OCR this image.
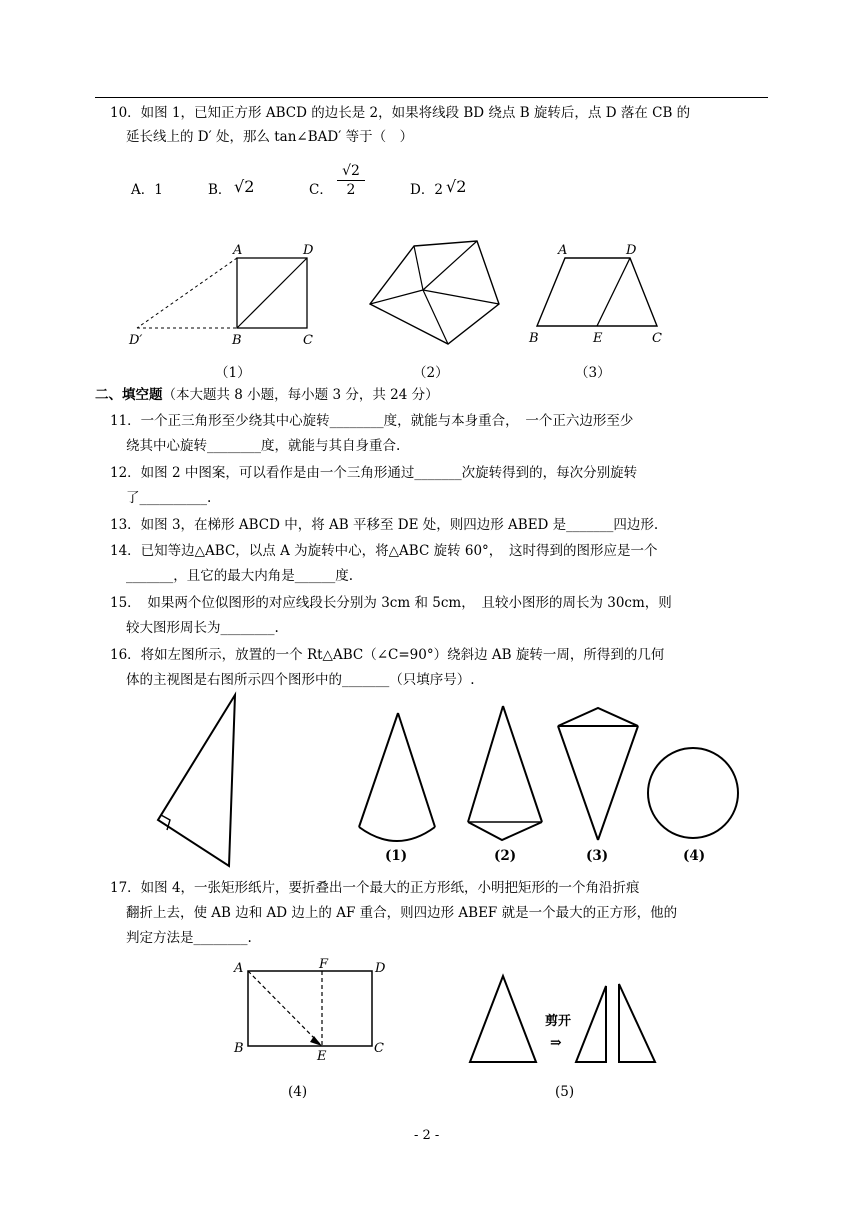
10．如图 1，已知正方形 ABCD 的边长是 2，如果将线段 BD 绕点 B 旋转后，点 D 落在 CB 的
延长线上的 D′ 处，那么 tan∠BAD′ 等于（　）
A．1	B． √2	C．
√2
2	D．2 √2
A	D
D′	B	C
A	D
B	E	C
（1）	（2）	（3）
二、填空题（本大题共 8 小题，每小题 3 分，共 24 分）
11．一个正三角形至少绕其中心旋转________度，就能与本身重合，　一个正六边形至少
绕其中心旋转________度，就能与其自身重合.
12．如图 2 中图案，可以看作是由一个三角形通过_______次旋转得到的，每次分别旋转
了__________.
13．如图 3，在梯形 ABCD 中，将 AB 平移至 DE 处，则四边形 ABED 是_______四边形.
14．已知等边△ABC，以点 A 为旋转中心，将△ABC 旋转 60°，　这时得到的图形应是一个
_______，且它的最大内角是______度.
15．　如果两个位似图形的对应线段长分别为 3cm 和 5cm，　且较小图形的周长为 30cm，则
较大图形周长为________.
16．将如左图所示，放置的一个 Rt△ABC（∠C=90°）绕斜边 AB 旋转一周，所得到的几何
体的主视图是右图所示四个图形中的_______（只填序号）.
(1)	(2)	(3)	(4)
17．如图 4，一张矩形纸片，要折叠出一个最大的正方形纸，小明把矩形的一个角沿折痕
翻折上去，使 AB 边和 AD 边上的 AF 重合，则四边形 ABEF 就是一个最大的正方形，他的
判定方法是________.
A	F	D
B
E
C
剪开
⇒
(4)	(5)
- 2 -
